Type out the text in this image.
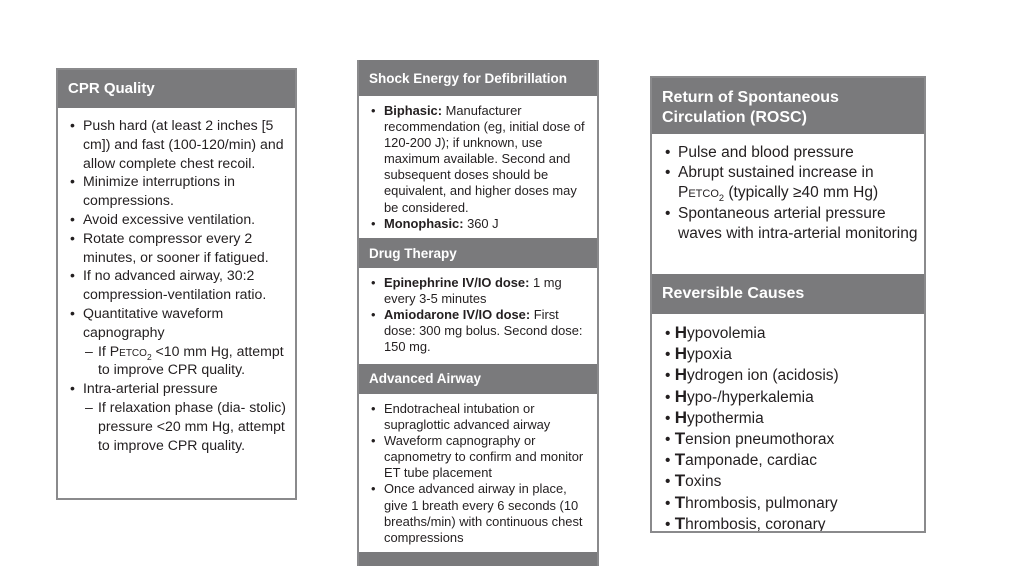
CPR Quality
• Push hard (at least 2 inches [5 cm]) and fast (100-120/min) and allow complete chest recoil.
• Minimize interruptions in compressions.
• Avoid excessive ventilation.
• Rotate compressor every 2 minutes, or sooner if fatigued.
• If no advanced airway, 30:2 compression-ventilation ratio.
• Quantitative waveform capnography
– If Petco$_2$ <10 mm Hg, attempt to improve CPR quality.
• Intra-arterial pressure
– If relaxation phase (dia- stolic) pressure <20 mm Hg, attempt to improve CPR quality.
Shock Energy for Defibrillation
• Biphasic: Manufacturer recommendation (eg, initial dose of 120-200 J); if unknown, use maximum available. Second and subsequent doses should be equivalent, and higher doses may be considered.
• Monophasic: 360 J
Drug Therapy
• Epinephrine IV/IO dose: 1 mg every 3-5 minutes
• Amiodarone IV/IO dose: First dose: 300 mg bolus. Second dose: 150 mg.
Advanced Airway
• Endotracheal intubation or supraglottic advanced airway
• Waveform capnography or capnometry to confirm and monitor ET tube placement
• Once advanced airway in place, give 1 breath every 6 seconds (10 breaths/min) with continuous chest compressions
Return of Spontaneous Circulation (ROSC)
• Pulse and blood pressure
• Abrupt sustained increase in Petco$_2$ (typically ≥40 mm Hg)
• Spontaneous arterial pressure waves with intra-arterial monitoring
Reversible Causes
• Hypovolemia
• Hypoxia
• Hydrogen ion (acidosis)
• Hypo-/hyperkalemia
• Hypothermia
• Tension pneumothorax
• Tamponade, cardiac
• Toxins
• Thrombosis, pulmonary
• Thrombosis, coronary
